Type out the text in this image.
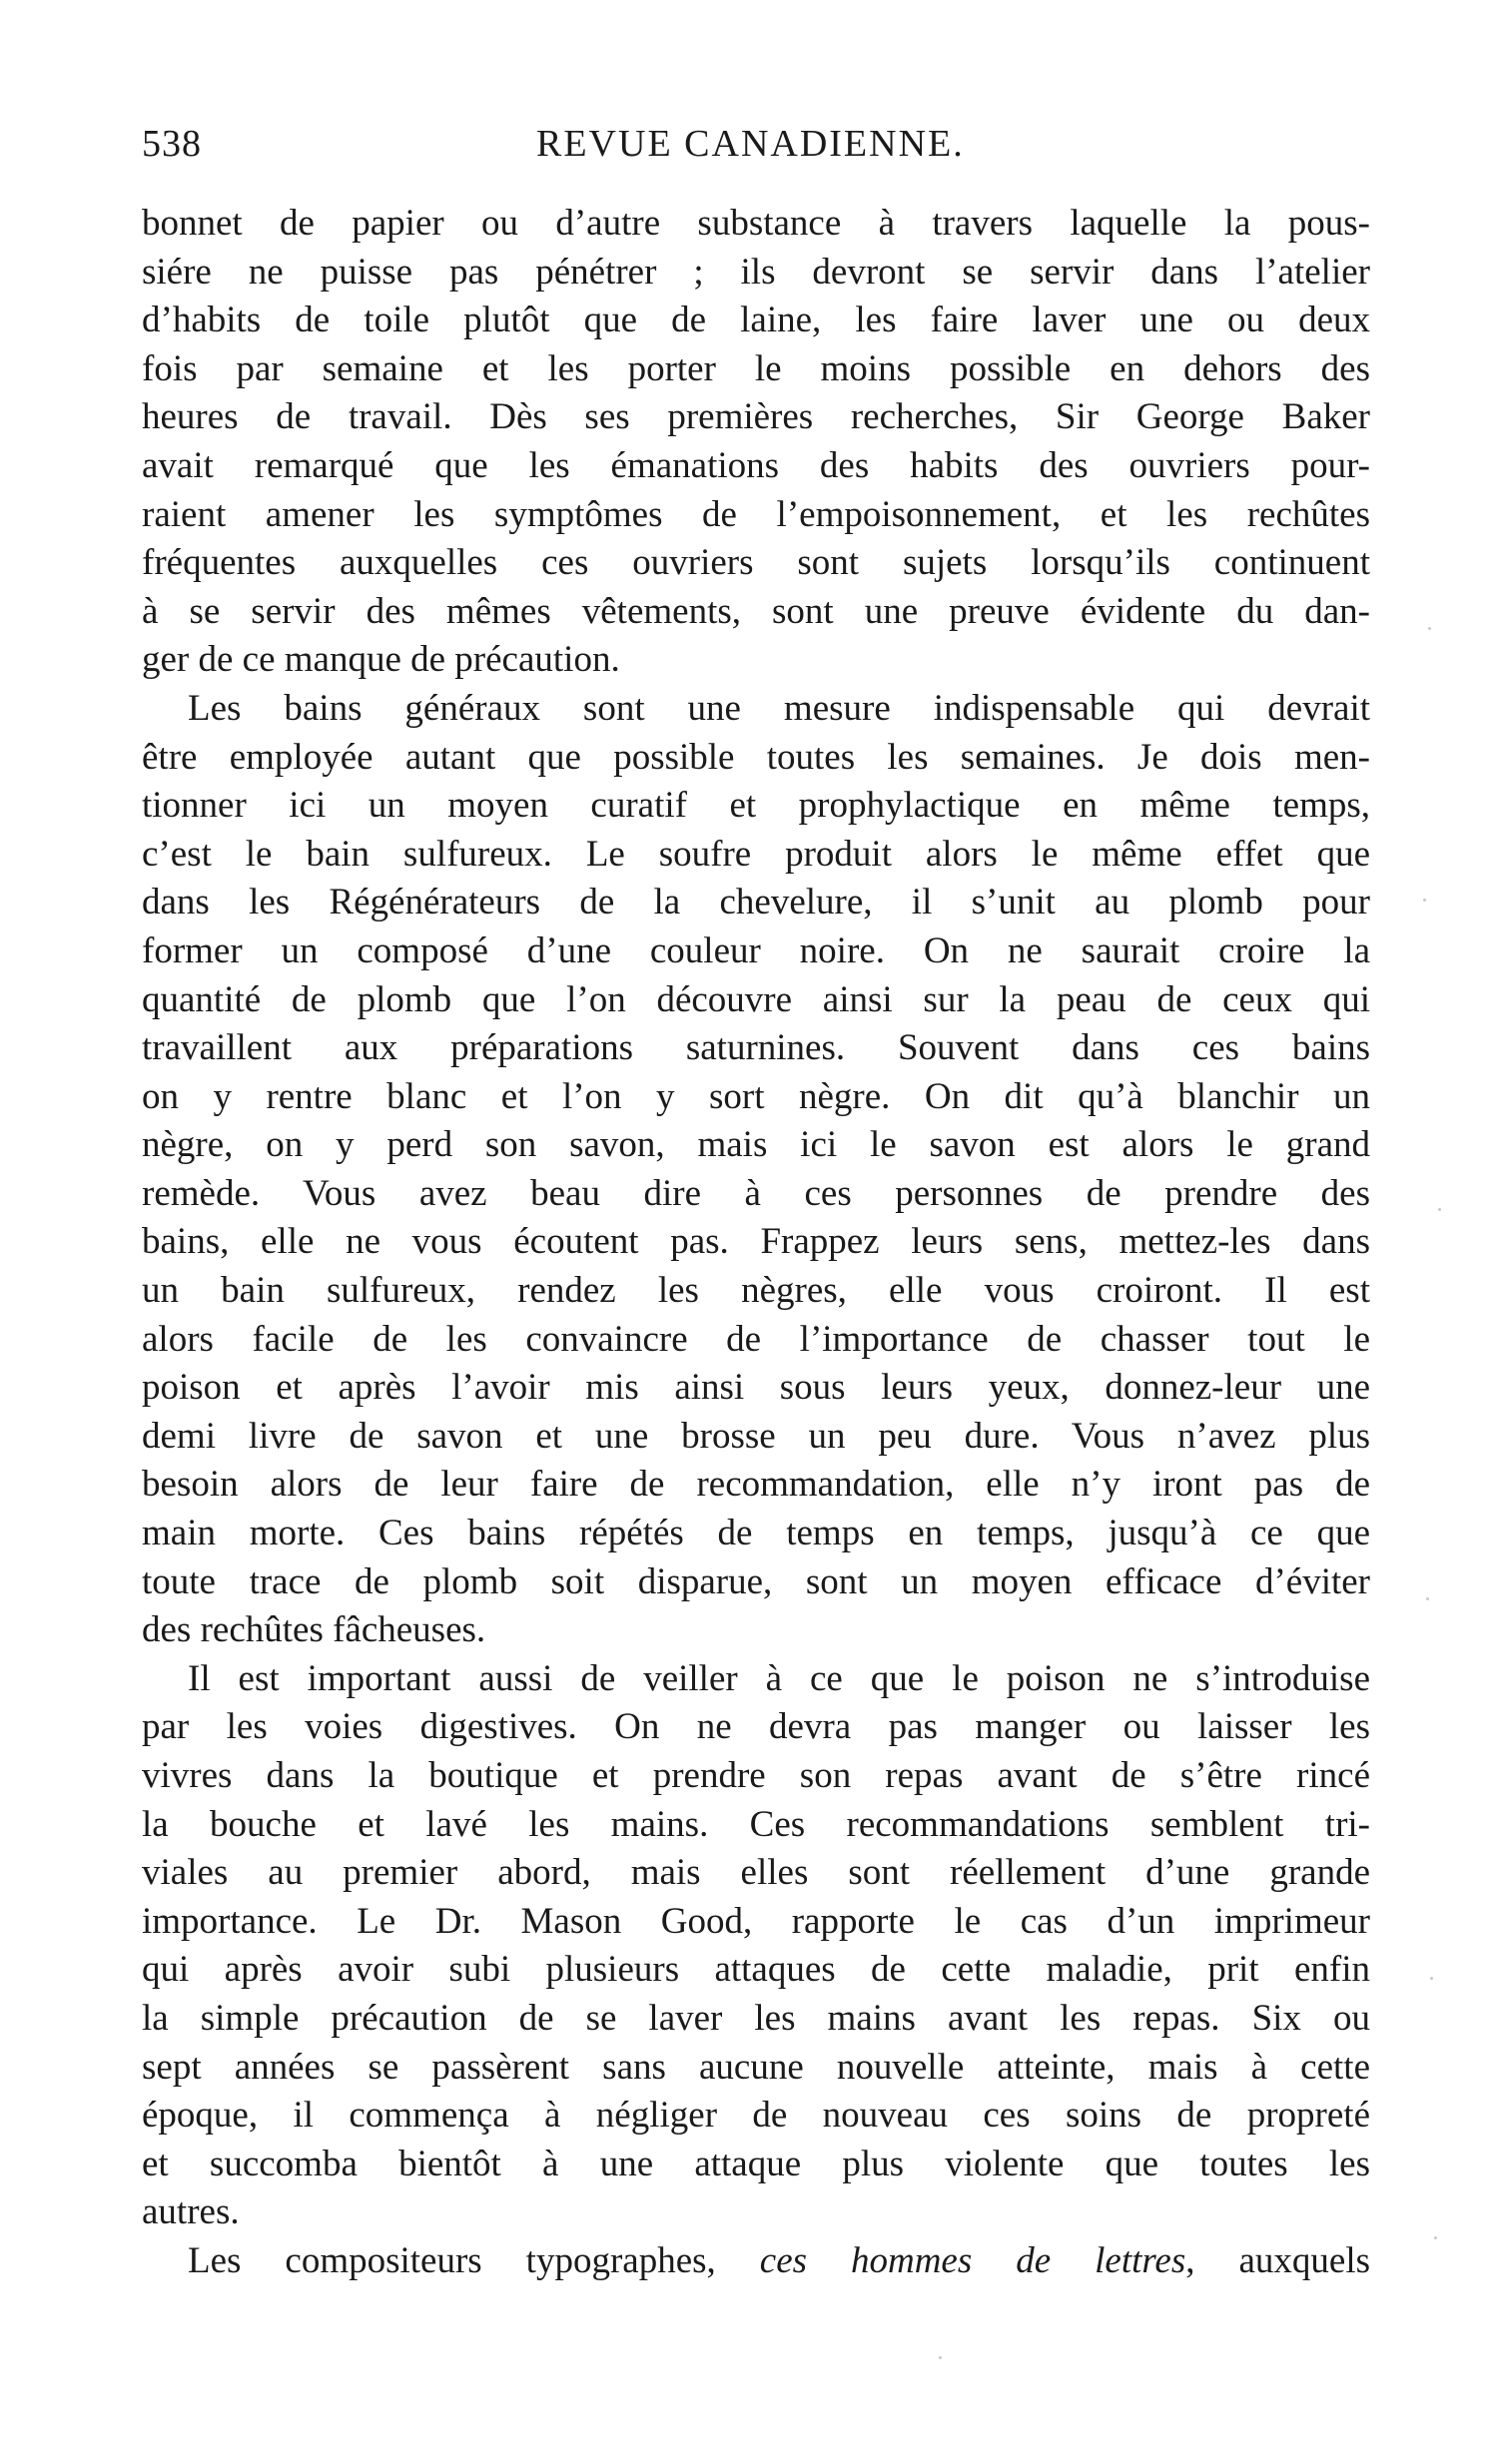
538	REVUE CANADIENNE.
bonnet de papier ou d’autre substance à travers laquelle la pous-
siére ne puisse pas pénétrer ; ils devront se servir dans l’atelier
d’habits de toile plutôt que de laine, les faire laver une ou deux
fois par semaine et les porter le moins possible en dehors des
heures de travail. Dès ses premières recherches, Sir George Baker
avait remarqué que les émanations des habits des ouvriers pour-
raient amener les symptômes de l’empoisonnement, et les rechûtes
fréquentes auxquelles ces ouvriers sont sujets lorsqu’ils continuent
à se servir des mêmes vêtements, sont une preuve évidente du dan-
ger de ce manque de précaution.
Les bains généraux sont une mesure indispensable qui devrait
être employée autant que possible toutes les semaines. Je dois men-
tionner ici un moyen curatif et prophylactique en même temps,
c’est le bain sulfureux. Le soufre produit alors le même effet que
dans les Régénérateurs de la chevelure, il s’unit au plomb pour
former un composé d’une couleur noire. On ne saurait croire la
quantité de plomb que l’on découvre ainsi sur la peau de ceux qui
travaillent aux préparations saturnines. Souvent dans ces bains
on y rentre blanc et l’on y sort nègre. On dit qu’à blanchir un
nègre, on y perd son savon, mais ici le savon est alors le grand
remède. Vous avez beau dire à ces personnes de prendre des
bains, elle ne vous écoutent pas. Frappez leurs sens, mettez-les dans
un bain sulfureux, rendez les nègres, elle vous croiront. Il est
alors facile de les convaincre de l’importance de chasser tout le
poison et après l’avoir mis ainsi sous leurs yeux, donnez-leur une
demi livre de savon et une brosse un peu dure. Vous n’avez plus
besoin alors de leur faire de recommandation, elle n’y iront pas de
main morte. Ces bains répétés de temps en temps, jusqu’à ce que
toute trace de plomb soit disparue, sont un moyen efficace d’éviter
des rechûtes fâcheuses.
Il est important aussi de veiller à ce que le poison ne s’introduise
par les voies digestives. On ne devra pas manger ou laisser les
vivres dans la boutique et prendre son repas avant de s’être rincé
la bouche et lavé les mains. Ces recommandations semblent tri-
viales au premier abord, mais elles sont réellement d’une grande
importance. Le Dr. Mason Good, rapporte le cas d’un imprimeur
qui après avoir subi plusieurs attaques de cette maladie, prit enfin
la simple précaution de se laver les mains avant les repas. Six ou
sept années se passèrent sans aucune nouvelle atteinte, mais à cette
époque, il commença à négliger de nouveau ces soins de propreté
et succomba bientôt à une attaque plus violente que toutes les
autres.
Les compositeurs typographes, ces hommes de lettres, auxquels
